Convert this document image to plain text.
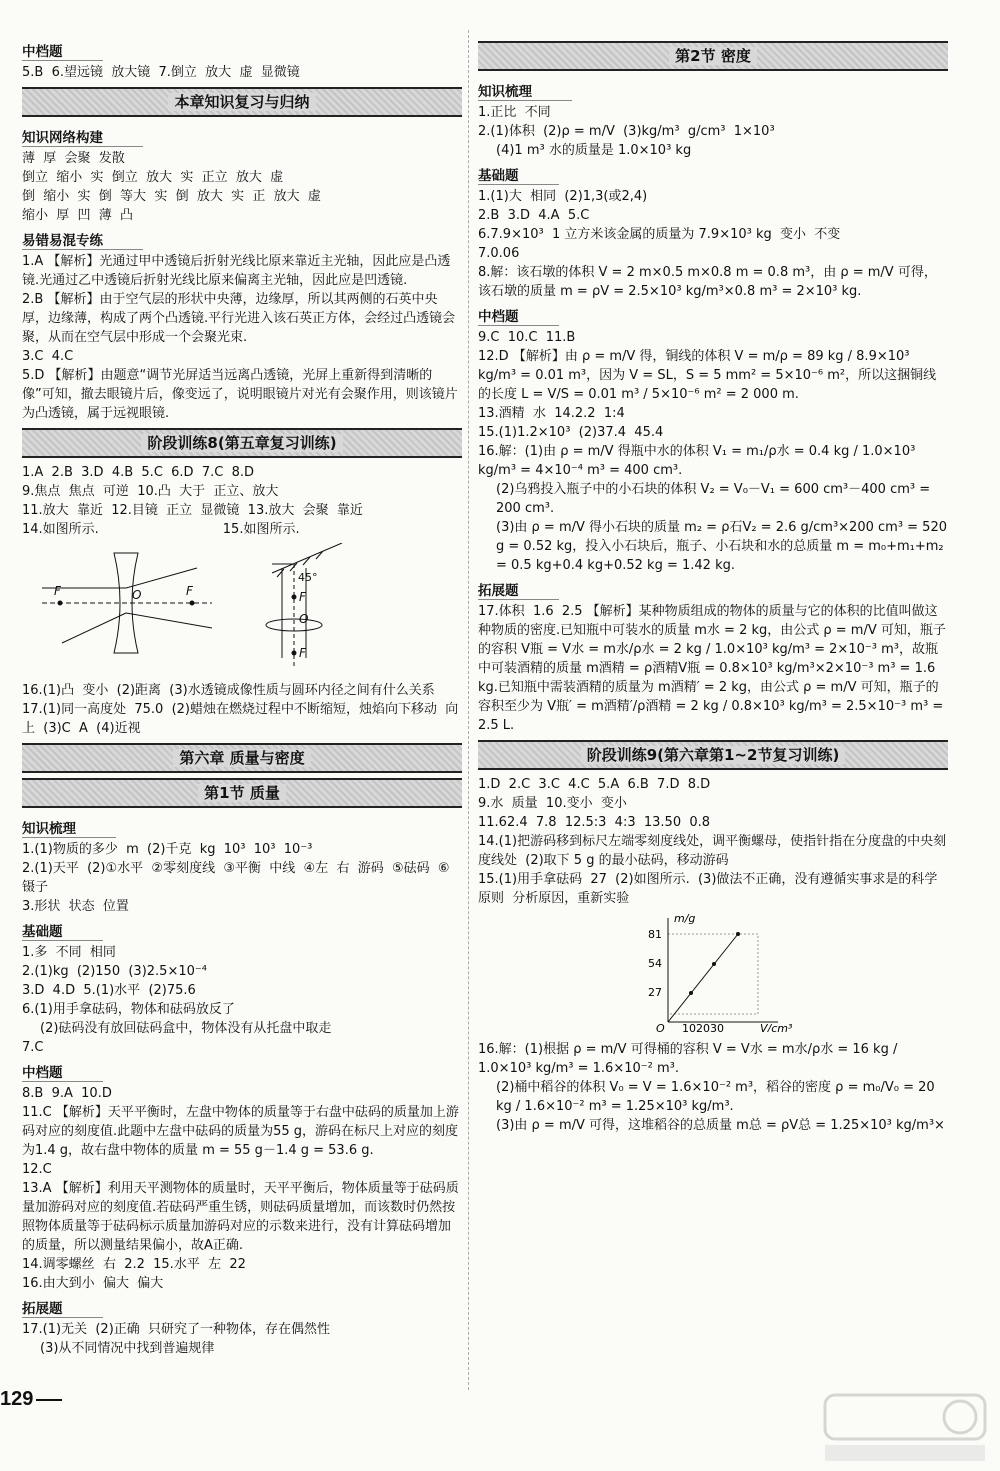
中档题
5.B  6.望远镜  放大镜  7.倒立  放大  虚  显微镜
本章知识复习与归纳
知识网络构建
薄  厚  会聚  发散
倒立  缩小  实  倒立  放大  实  正立  放大  虚
倒  缩小  实  倒  等大  实  倒  放大  实  正  放大  虚
缩小  厚  凹  薄  凸
易错易混专练
1.A 【解析】光通过甲中透镜后折射光线比原来靠近主光轴，因此应是凸透镜.光通过乙中透镜后折射光线比原来偏离主光轴，因此应是凹透镜.
2.B 【解析】由于空气层的形状中央薄，边缘厚，所以其两侧的石英中央厚，边缘薄，构成了两个凸透镜.平行光进入该石英正方体，会经过凸透镜会聚，从而在空气层中形成一个会聚光束.
3.C  4.C
5.D 【解析】由题意“调节光屏适当远离凸透镜，光屏上重新得到清晰的像”可知，撤去眼镜片后，像变远了，说明眼镜片对光有会聚作用，则该镜片为凸透镜，属于远视眼镜.
阶段训练8(第五章复习训练)
1.A  2.B  3.D  4.B  5.C  6.D  7.C  8.D
9.焦点  焦点  可逆  10.凸  大于  正立、放大
11.放大  靠近  12.目镜  正立  显微镜  13.放大  会聚  靠近
14.如图所示.                              15.如图所示.
F	O	F
45°
F
O
F
16.(1)凸  变小  (2)距离  (3)水透镜成像性质与圆环内径之间有什么关系
17.(1)同一高度处  75.0  (2)蜡烛在燃烧过程中不断缩短，烛焰向下移动  向上  (3)C  A  (4)近视
第六章 质量与密度
第1节 质量
知识梳理
1.(1)物质的多少  m  (2)千克  kg  10³  10³  10⁻³
2.(1)天平  (2)①水平  ②零刻度线  ③平衡  中线  ④左  右  游码  ⑤砝码  ⑥镊子
3.形状  状态  位置
基础题
1.多  不同  相同
2.(1)kg  (2)150  (3)2.5×10⁻⁴
3.D  4.D  5.(1)水平  (2)75.6
6.(1)用手拿砝码，物体和砝码放反了
(2)砝码没有放回砝码盒中，物体没有从托盘中取走
7.C
中档题
8.B  9.A  10.D
11.C 【解析】天平平衡时，左盘中物体的质量等于右盘中砝码的质量加上游码对应的刻度值.此题中左盘中砝码的质量为55 g，游码在标尺上对应的刻度为1.4 g，故右盘中物体的质量 m = 55 g－1.4 g = 53.6 g.
12.C
13.A 【解析】利用天平测物体的质量时，天平平衡后，物体质量等于砝码质量加游码对应的刻度值.若砝码严重生锈，则砝码质量增加，而该数时仍然按照物体质量等于砝码标示质量加游码对应的示数来进行，没有计算砝码增加的质量，所以测量结果偏小，故A正确.
14.调零螺丝  右  2.2  15.水平  左  22
16.由大到小  偏大  偏大
拓展题
17.(1)无关  (2)正确  只研究了一种物体，存在偶然性
(3)从不同情况中找到普遍规律
第2节 密度
知识梳理
1.正比  不同
2.(1)体积  (2)ρ = m/V  (3)kg/m³  g/cm³  1×10³
(4)1 m³ 水的质量是 1.0×10³ kg
基础题
1.(1)大  相同  (2)1,3(或2,4)
2.B  3.D  4.A  5.C
6.7.9×10³  1 立方米该金属的质量为 7.9×10³ kg  变小  不变
7.0.06
8.解：该石墩的体积 V = 2 m×0.5 m×0.8 m = 0.8 m³，由 ρ = m/V 可得，该石墩的质量 m = ρV = 2.5×10³ kg/m³×0.8 m³ = 2×10³ kg.
中档题
9.C  10.C  11.B
12.D 【解析】由 ρ = m/V 得，铜线的体积 V = m/ρ = 89 kg / 8.9×10³ kg/m³ = 0.01 m³，因为 V = SL，S = 5 mm² = 5×10⁻⁶ m²，所以这捆铜线的长度 L = V/S = 0.01 m³ / 5×10⁻⁶ m² = 2 000 m.
13.酒精  水  14.2.2  1:4
15.(1)1.2×10³  (2)37.4  45.4
16.解：(1)由 ρ = m/V 得瓶中水的体积 V₁ = m₁/ρ水 = 0.4 kg / 1.0×10³ kg/m³ = 4×10⁻⁴ m³ = 400 cm³.
(2)乌鸦投入瓶子中的小石块的体积 V₂ = V₀－V₁ = 600 cm³－400 cm³ = 200 cm³.
(3)由 ρ = m/V 得小石块的质量 m₂ = ρ石V₂ = 2.6 g/cm³×200 cm³ = 520 g = 0.52 kg，投入小石块后，瓶子、小石块和水的总质量 m = m₀+m₁+m₂ = 0.5 kg+0.4 kg+0.52 kg = 1.42 kg.
拓展题
17.体积  1.6  2.5 【解析】某种物质组成的物体的质量与它的体积的比值叫做这种物质的密度.已知瓶中可装水的质量 m水 = 2 kg，由公式 ρ = m/V 可知，瓶子的容积 V瓶 = V水 = m水/ρ水 = 2 kg / 1.0×10³ kg/m³ = 2×10⁻³ m³，故瓶中可装酒精的质量 m酒精 = ρ酒精V瓶 = 0.8×10³ kg/m³×2×10⁻³ m³ = 1.6 kg.已知瓶中需装酒精的质量为 m酒精′ = 2 kg，由公式 ρ = m/V 可知，瓶子的容积至少为 V瓶′ = m酒精′/ρ酒精 = 2 kg / 0.8×10³ kg/m³ = 2.5×10⁻³ m³ = 2.5 L.
阶段训练9(第六章第1~2节复习训练)
1.D  2.C  3.C  4.C  5.A  6.B  7.D  8.D
9.水  质量  10.变小  变小
11.62.4  7.8  12.5:3  4:3  13.50  0.8
14.(1)把游码移到标尺左端零刻度线处，调平衡螺母，使指针指在分度盘的中央刻度线处  (2)取下 5 g 的最小砝码，移动游码
15.(1)用手拿砝码  27  (2)如图所示.  (3)做法不正确，没有遵循实事求是的科学原则  分析原因，重新实验
m/g
81
54
27
O 102030	V/cm³
16.解：(1)根据 ρ = m/V 可得桶的容积 V = V水 = m水/ρ水 = 16 kg / 1.0×10³ kg/m³ = 1.6×10⁻² m³.
(2)桶中稻谷的体积 V₀ = V = 1.6×10⁻² m³，稻谷的密度 ρ = m₀/V₀ = 20 kg / 1.6×10⁻² m³ = 1.25×10³ kg/m³.
(3)由 ρ = m/V 可得，这堆稻谷的总质量 m总 = ρV总 = 1.25×10³ kg/m³×
129
